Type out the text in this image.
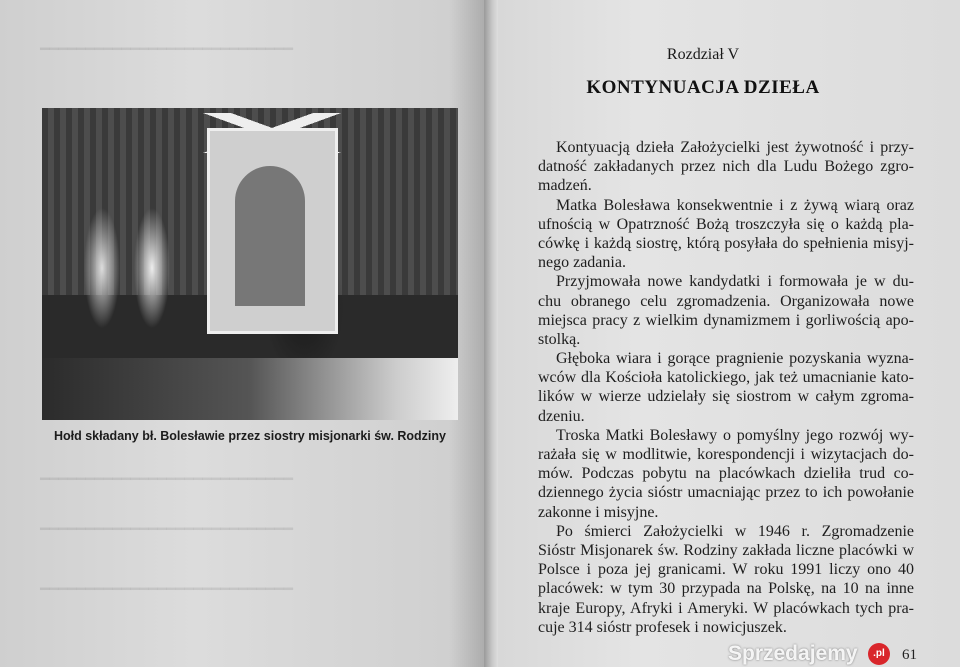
━━━━━━━━━━━━━━━━━━━━━━━━━━━━
━━━━━━━━━━━━━━━━━━━━━━━━━━━━
━━━━━━━━━━━━━━━━━━━━━━━━━━━━
━━━━━━━━━━━━━━━━━━━━━━━━━━━━
Hołd składany bł. Bolesławie przez siostry misjonarki św. Rodziny
Rozdział V
KONTYNUACJA DZIEŁA
Kontyuacją dzieła Założycielki jest żywotność i przy-
datność zakładanych przez nich dla Ludu Bożego zgro-
madzeń.
Matka Bolesława konsekwentnie i z żywą wiarą oraz
ufnością w Opatrzność Bożą troszczyła się o każdą pla-
cówkę i każdą siostrę, którą posyłała do spełnienia misyj-
nego zadania.
Przyjmowała nowe kandydatki i formowała je w du-
chu obranego celu zgromadzenia. Organizowała nowe
miejsca pracy z wielkim dynamizmem i gorliwością apo-
stolką.
Głęboka wiara i gorące pragnienie pozyskania wyzna-
wców dla Kościoła katolickiego, jak też umacnianie kato-
lików w wierze udzielały się siostrom w całym zgroma-
dzeniu.
Troska Matki Bolesławy o pomyślny jego rozwój wy-
rażała się w modlitwie, korespondencji i wizytacjach do-
mów. Podczas pobytu na placówkach dzieliła trud co-
dziennego życia sióstr umacniając przez to ich powołanie
zakonne i misyjne.
Po śmierci Założycielki w 1946 r. Zgromadzenie
Sióstr Misjonarek św. Rodziny zakłada liczne placówki w
Polsce i poza jej granicami. W roku 1991 liczy ono 40
placówek: w tym 30 przypada na Polskę, na 10 na inne
kraje Europy, Afryki i Ameryki. W placówkach tych pra-
cuje 314 sióstr profesek i nowicjuszek.
61
Sprzedajemy	.pl
